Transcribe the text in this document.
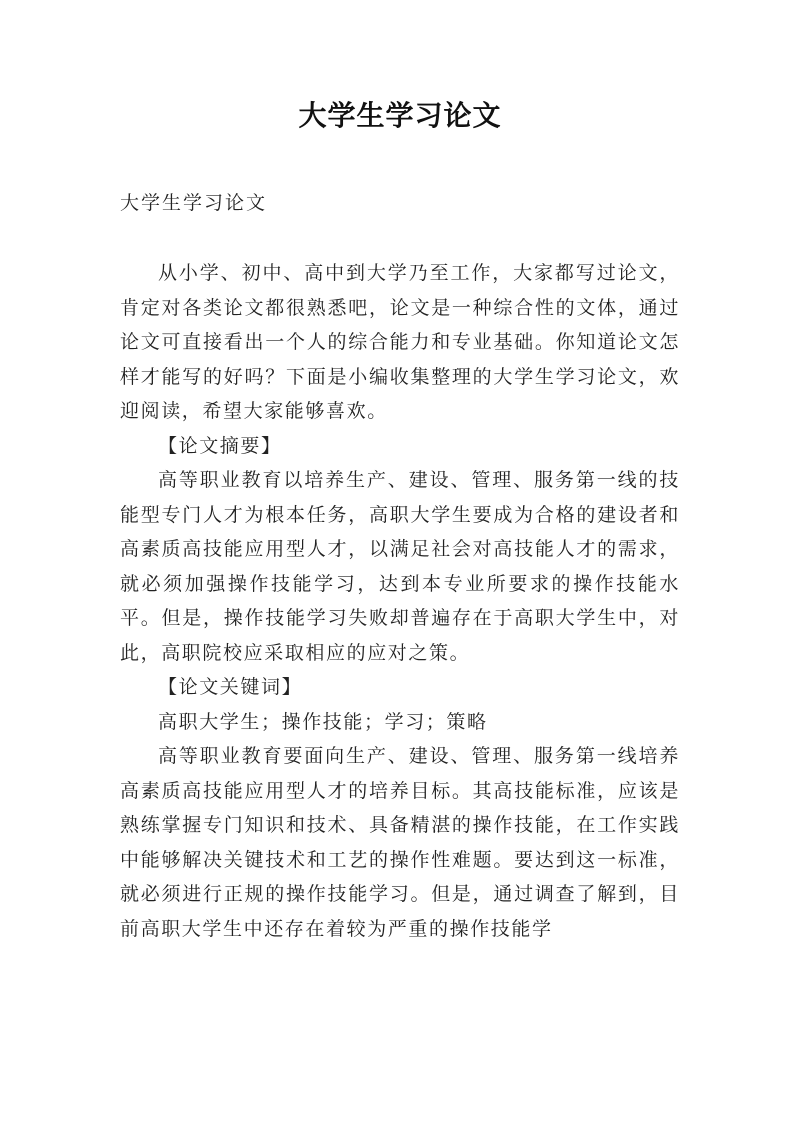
大学生学习论文
大学生学习论文

从小学、初中、高中到大学乃至工作，大家都写过论文，肯定对各类论文都很熟悉吧，论文是一种综合性的文体，通过论文可直接看出一个人的综合能力和专业基础。你知道论文怎样才能写的好吗？下面是小编收集整理的大学生学习论文，欢迎阅读，希望大家能够喜欢。

【论文摘要】

高等职业教育以培养生产、建设、管理、服务第一线的技能型专门人才为根本任务，高职大学生要成为合格的建设者和高素质高技能应用型人才，以满足社会对高技能人才的需求，就必须加强操作技能学习，达到本专业所要求的操作技能水平。但是，操作技能学习失败却普遍存在于高职大学生中，对此，高职院校应采取相应的应对之策。

【论文关键词】

高职大学生；操作技能；学习；策略

高等职业教育要面向生产、建设、管理、服务第一线培养高素质高技能应用型人才的培养目标。其高技能标准，应该是熟练掌握专门知识和技术、具备精湛的操作技能，在工作实践中能够解决关键技术和工艺的操作性难题。要达到这一标准，就必须进行正规的操作技能学习。但是，通过调查了解到，目前高职大学生中还存在着较为严重的操作技能学
